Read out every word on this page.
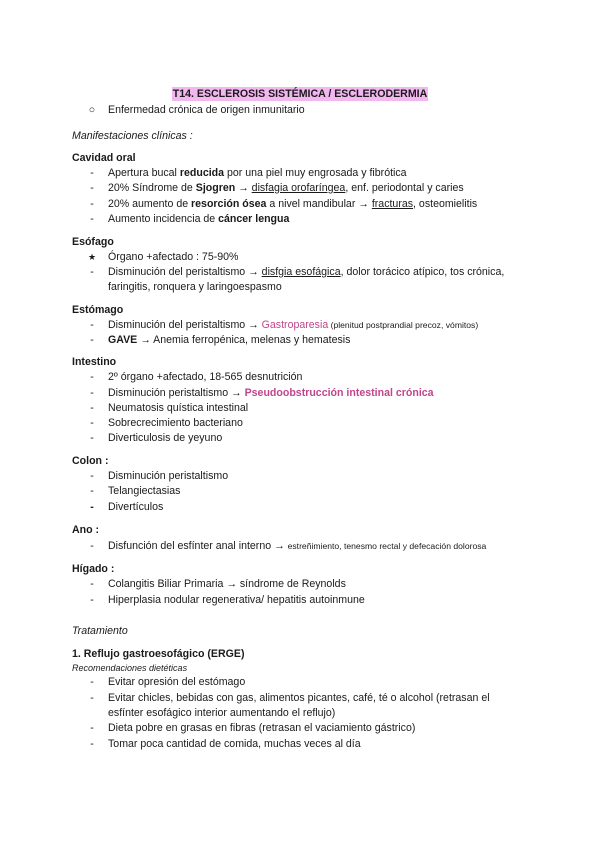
T14. ESCLEROSIS SISTÉMICA / ESCLERODERMIA
○ Enfermedad crónica de origen inmunitario
Manifestaciones clínicas :
Cavidad oral
-	Apertura bucal reducida por una piel muy engrosada y fibrótica
-	20% Síndrome de Sjogren → disfagia orofaríngea, enf. periodontal y caries
-	20% aumento de resorción ósea a nivel mandibular → fracturas, osteomielitis
-	Aumento incidencia de cáncer lengua
Esófago
★ Órgano +afectado : 75-90%
-	Disminución del peristaltismo → disfgia esofágica, dolor torácico atípico, tos crónica,
faringitis, ronquera y laringoespasmo
Estómago
-	Disminución del peristaltismo → Gastroparesia (plenitud postprandial precoz, vómitos)
-	GAVE → Anemia ferropénica, melenas y hematesis
Intestino
-	2º órgano +afectado, 18-565 desnutrición
-	Disminución peristaltismo → Pseudoobstrucción intestinal crónica
-	Neumatosis quística intestinal
-	Sobrecrecimiento bacteriano
-	Diverticulosis de yeyuno
Colon :
-	Disminución peristaltismo
-	Telangiectasias
-	Divertículos
Ano :
-	Disfunción del esfínter anal interno → estreñimiento, tenesmo rectal y defecación dolorosa
Hígado :
-	Colangitis Biliar Primaria → síndrome de Reynolds
-	Hiperplasia nodular regenerativa/ hepatitis autoinmune
Tratamiento
1. Reflujo gastroesofágico (ERGE)
Recomendaciones dietéticas
-	Evitar opresión del estómago
-	Evitar chicles, bebidas con gas, alimentos picantes, café, té o alcohol (retrasan el
esfínter esofágico interior aumentando el reflujo)
-	Dieta pobre en grasas en fibras (retrasan el vaciamiento gástrico)
-	Tomar poca cantidad de comida, muchas veces al día
